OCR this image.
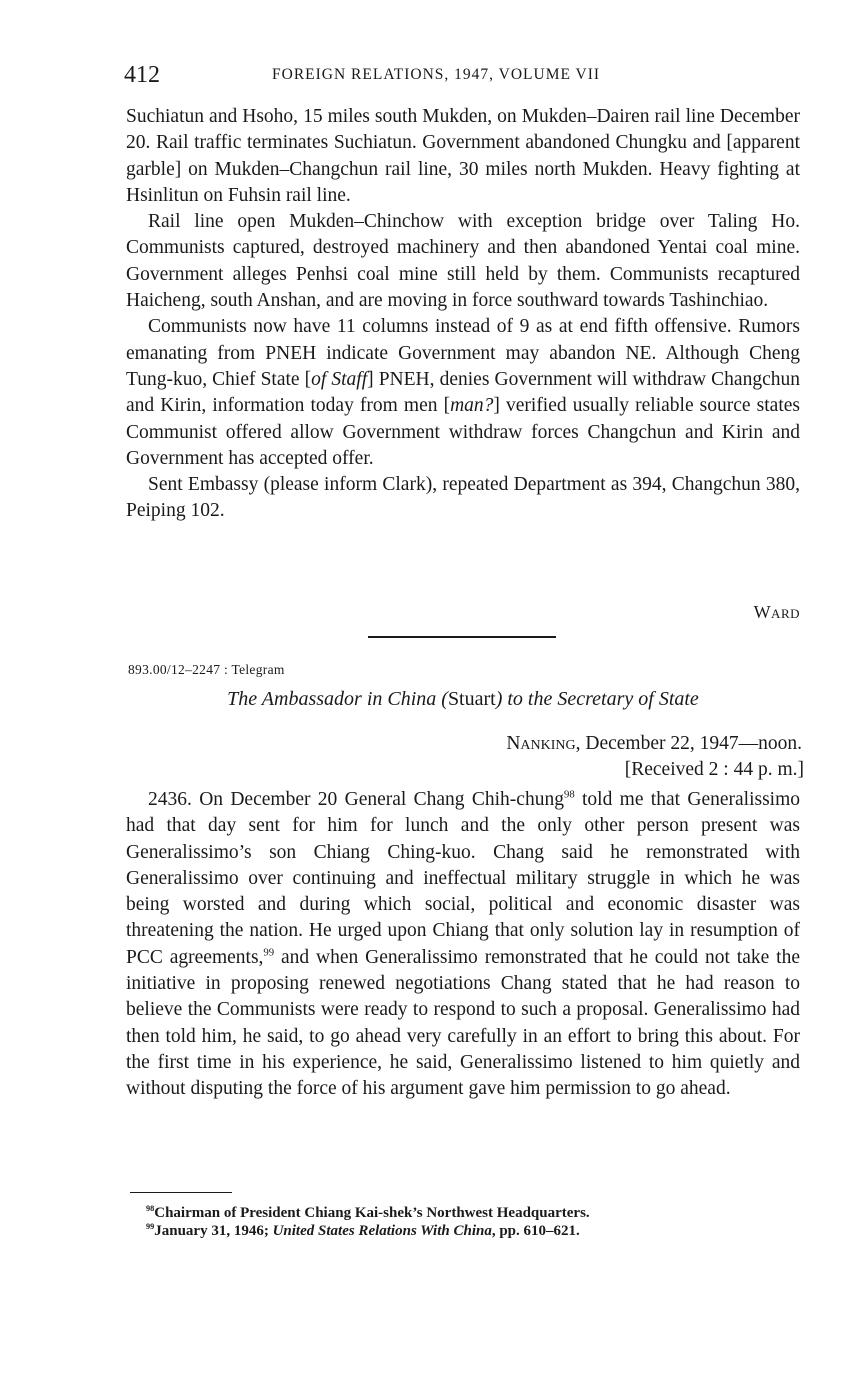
412	FOREIGN RELATIONS, 1947, VOLUME VII

Suchiatun and Hsoho, 15 miles south Mukden, on Mukden–Dairen rail line December 20. Rail traffic terminates Suchiatun. Government abandoned Chungku and [apparent garble] on Mukden–Changchun rail line, 30 miles north Mukden. Heavy fighting at Hsinlitun on Fuhsin rail line.

Rail line open Mukden–Chinchow with exception bridge over Taling Ho. Communists captured, destroyed machinery and then abandoned Yentai coal mine. Government alleges Penhsi coal mine still held by them. Communists recaptured Haicheng, south Anshan, and are moving in force southward towards Tashinchiao.

Communists now have 11 columns instead of 9 as at end fifth offensive. Rumors emanating from PNEH indicate Government may abandon NE. Although Cheng Tung-kuo, Chief State [of Staff] PNEH, denies Government will withdraw Changchun and Kirin, information today from men [man?] verified usually reliable source states Communist offered allow Government withdraw forces Changchun and Kirin and Government has accepted offer.

Sent Embassy (please inform Clark), repeated Department as 394, Changchun 380, Peiping 102.

Ward
893.00/12–2247 : Telegram
The Ambassador in China (Stuart) to the Secretary of State
Nanking, December 22, 1947—noon.
[Received 2 : 44 p. m.]

2436. On December 20 General Chang Chih-chung$^{98}$ told me that Generalissimo had that day sent for him for lunch and the only other person present was Generalissimo’s son Chiang Ching-kuo. Chang said he remonstrated with Generalissimo over continuing and ineffectual military struggle in which he was being worsted and during which social, political and economic disaster was threatening the nation. He urged upon Chiang that only solution lay in resumption of PCC agreements,$^{99}$ and when Generalissimo remonstrated that he could not take the initiative in proposing renewed negotiations Chang stated that he had reason to believe the Communists were ready to respond to such a proposal. Generalissimo had then told him, he said, to go ahead very carefully in an effort to bring this about. For the first time in his experience, he said, Generalissimo listened to him quietly and without disputing the force of his argument gave him permission to go ahead.

$^{98}$Chairman of President Chiang Kai-shek’s Northwest Headquarters.
$^{99}$January 31, 1946; United States Relations With China, pp. 610–621.
